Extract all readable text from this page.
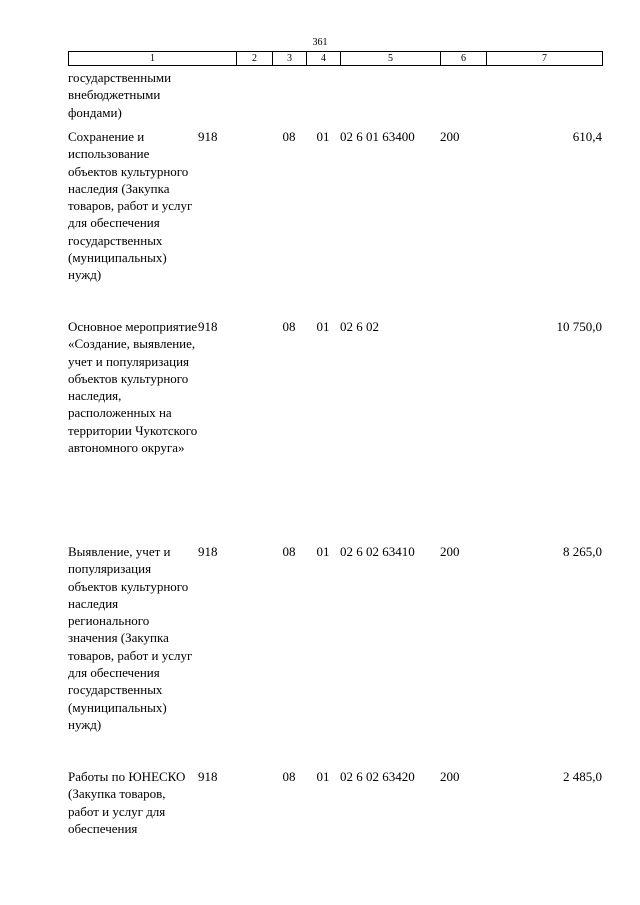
361
1	2	3	4	5	6	7
государственными внебюджетными фондами)						
Сохранение и использование объектов культурного наследия (Закупка товаров, работ и услуг для обеспечения государственных (муниципальных) нужд)	918	08	01	02 6 01 63400	200	610,4
Основное мероприятие «Создание, выявление, учет и популяризация объектов культурного наследия, расположенных на территории Чукотского автономного округа»	918	08	01	02 6 02		10 750,0
Выявление, учет и популяризация объектов культурного наследия регионального значения (Закупка товаров, работ и услуг для обеспечения государственных (муниципальных) нужд)	918	08	01	02 6 02 63410	200	8 265,0
Работы по ЮНЕСКО (Закупка товаров, работ и услуг для обеспечения	918	08	01	02 6 02 63420	200	2 485,0
